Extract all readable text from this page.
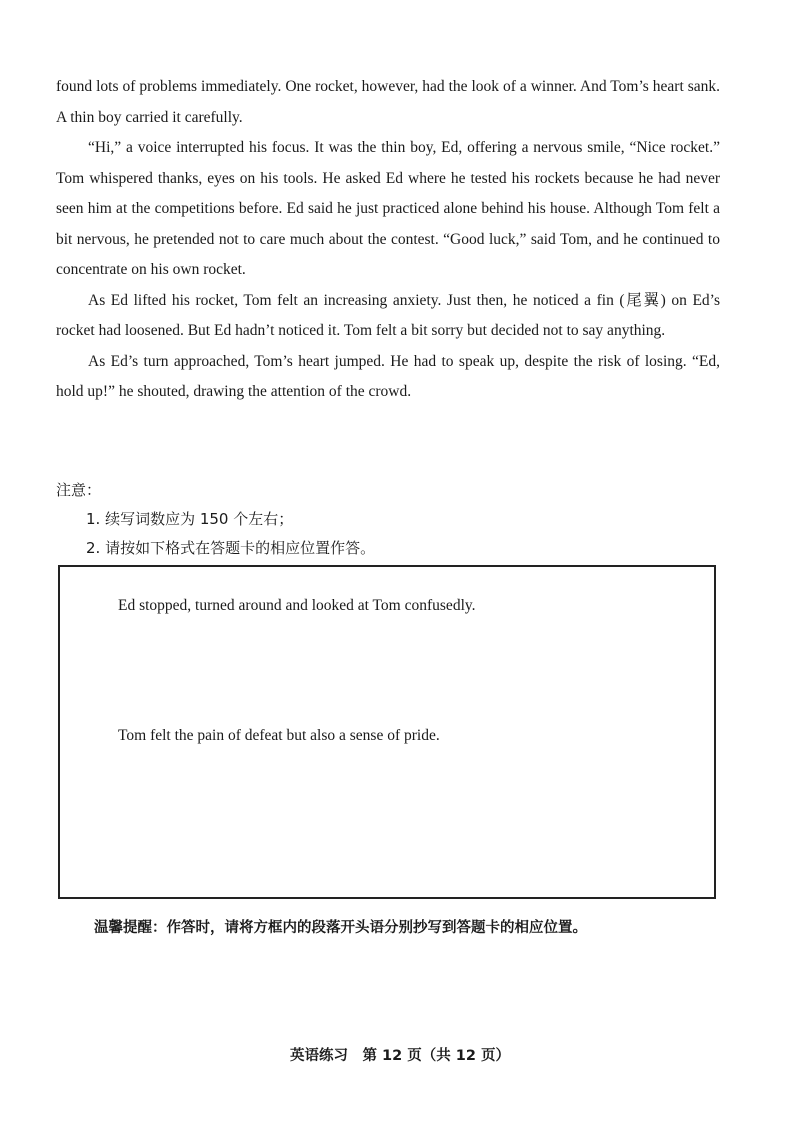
found lots of problems immediately. One rocket, however, had the look of a winner. And Tom’s heart sank. A thin boy carried it carefully.

“Hi,” a voice interrupted his focus. It was the thin boy, Ed, offering a nervous smile, “Nice rocket.” Tom whispered thanks, eyes on his tools. He asked Ed where he tested his rockets because he had never seen him at the competitions before. Ed said he just practiced alone behind his house. Although Tom felt a bit nervous, he pretended not to care much about the contest. “Good luck,” said Tom, and he continued to concentrate on his own rocket.

As Ed lifted his rocket, Tom felt an increasing anxiety. Just then, he noticed a fin (尾翼) on Ed’s rocket had loosened. But Ed hadn’t noticed it. Tom felt a bit sorry but decided not to say anything.

As Ed’s turn approached, Tom’s heart jumped. He had to speak up, despite the risk of losing. “Ed, hold up!” he shouted, drawing the attention of the crowd.

注意：
1. 续写词数应为 150 个左右；
2. 请按如下格式在答题卡的相应位置作答。
Ed stopped, turned around and looked at Tom confusedly.
Tom felt the pain of defeat but also a sense of pride.
温馨提醒：作答时，请将方框内的段落开头语分别抄写到答题卡的相应位置。
英语练习　第 12 页（共 12 页）
